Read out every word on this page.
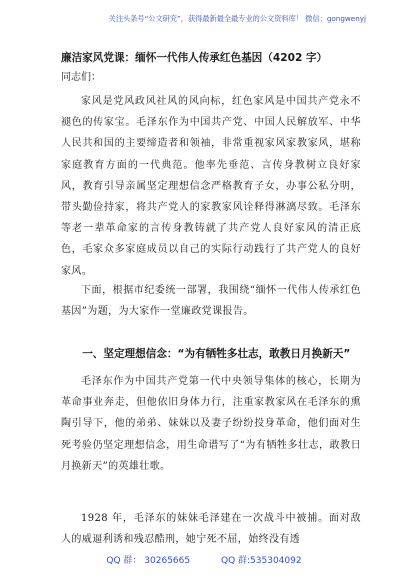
关注头条号“公文研究”，获得最新最全最专业的公文资料库！ 微信：gongwenyj
廉洁家风党课：缅怀一代伟人传承红色基因（4202 字）
同志们：

家风是党风政风社风的风向标，红色家风是中国共产党永不褪色的传家宝。毛泽东作为中国共产党、中国人民解放军、中华人民共和国的主要缔造者和领袖，非常重视家风家教家风，堪称家庭教育方面的一代典范。他率先垂范、言传身教树立良好家风，教育引导亲属坚定理想信念严格教育子女，办事公私分明，带头勤俭持家，将共产党人的家教家风诠释得淋漓尽致。毛泽东等老一辈革命家的言传身教铸就了共产党人良好家风的清正底色，毛家众多家庭成员以自己的实际行动践行了共产党人的良好家风。

下面，根据市纪委统一部署，我围绕“缅怀一代伟人传承红色基因”为题，为大家作一堂廉政党课报告。

一、坚定理想信念：“为有牺牲多壮志，敢教日月换新天”

毛泽东作为中国共产党第一代中央领导集体的核心，长期为革命事业奔走，但他依旧身体力行，注重家教家风在毛泽东的熏陶引导下，他的弟弟、妹妹以及妻子纷纷投身革命，他们面对生死考验仍坚定理想信念，用生命谱写了“为有牺牲多壮志，敢教日月换新天”的英雄壮歌。

1928 年，毛泽东的妹妹毛泽建在一次战斗中被捕。面对敌人的威逼利诱和残忍酷刑，她宁死不屈，始终没有透

QQ 群： 30265665	QQ 群:535304092
